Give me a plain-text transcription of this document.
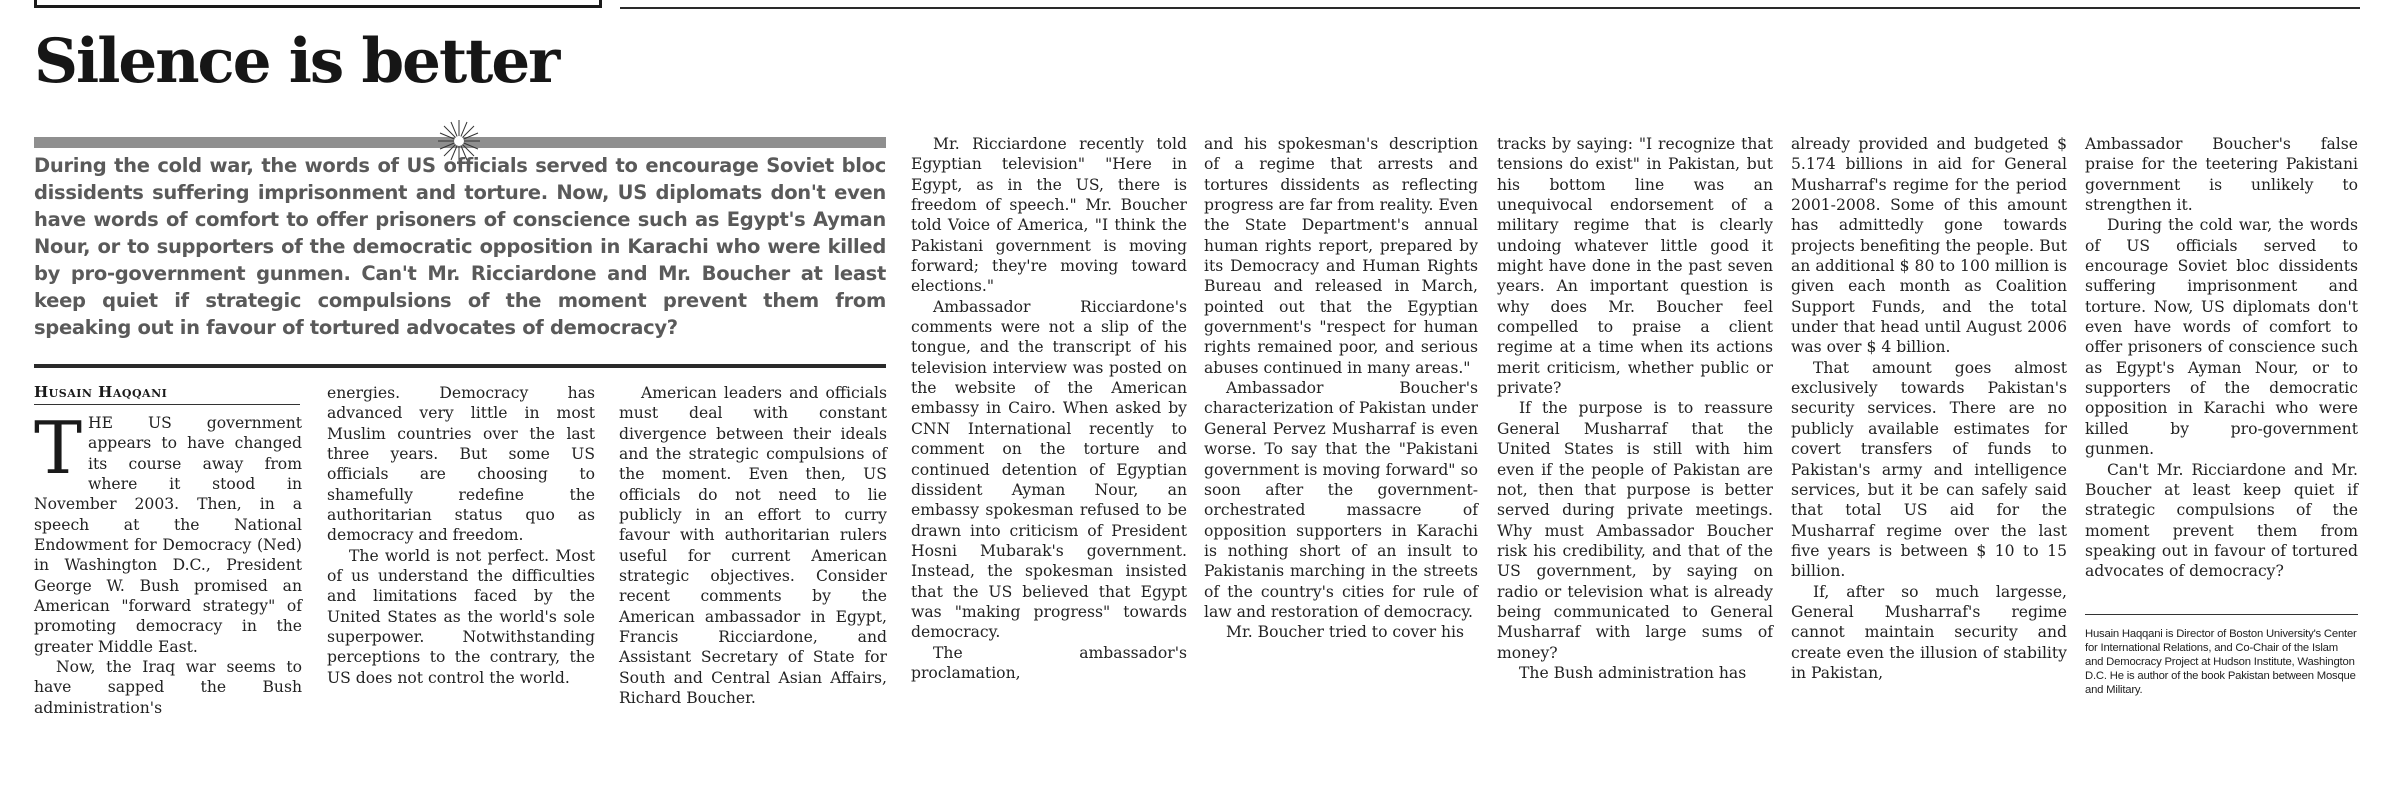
Silence is better

During the cold war, the words of US officials served to encourage Soviet bloc dissidents suffering imprisonment and torture. Now, US diplomats don't even have words of comfort to offer prisoners of conscience such as Egypt's Ayman Nour, or to supporters of the democratic opposition in Karachi who were killed by pro-government gunmen. Can't Mr. Ricciardone and Mr. Boucher at least keep quiet if strategic compulsions of the moment prevent them from speaking out in favour of tortured advocates of democracy?

Husain Haqqani
T HE US government appears to have changed its course away from where it stood in November 2003. Then, in a speech at the National Endowment for Democracy (Ned) in Washington D.C., President George W. Bush promised an American "forward strategy" of promoting democracy in the greater Middle East.

Now, the Iraq war seems to have sapped the Bush administration's

energies. Democracy has advanced very little in most Muslim countries over the last three years. But some US officials are choosing to shamefully redefine the authoritarian status quo as democracy and freedom.

The world is not perfect. Most of us understand the difficulties and limitations faced by the United States as the world's sole superpower. Notwithstanding perceptions to the contrary, the US does not control the world.

American leaders and officials must deal with constant divergence between their ideals and the strategic compulsions of the moment. Even then, US officials do not need to lie publicly in an effort to curry favour with authoritarian rulers useful for current American strategic objectives. Consider recent comments by the American ambassador in Egypt, Francis Ricciardone, and Assistant Secretary of State for South and Central Asian Affairs, Richard Boucher.

Mr. Ricciardone recently told Egyptian television" "Here in Egypt, as in the US, there is freedom of speech." Mr. Boucher told Voice of America, "I think the Pakistani government is moving forward; they're moving toward elections."

Ambassador Ricciardone's comments were not a slip of the tongue, and the transcript of his television interview was posted on the website of the American embassy in Cairo. When asked by CNN International recently to comment on the torture and continued detention of Egyptian dissident Ayman Nour, an embassy spokesman refused to be drawn into criticism of President Hosni Mubarak's government. Instead, the spokesman insisted that the US believed that Egypt was "making progress" towards democracy.

The ambassador's proclamation,

and his spokesman's description of a regime that arrests and tortures dissidents as reflecting progress are far from reality. Even the State Department's annual human rights report, prepared by its Democracy and Human Rights Bureau and released in March, pointed out that the Egyptian government's "respect for human rights remained poor, and serious abuses continued in many areas."

Ambassador Boucher's characterization of Pakistan under General Pervez Musharraf is even worse. To say that the "Pakistani government is moving forward" so soon after the government-orchestrated massacre of opposition supporters in Karachi is nothing short of an insult to Pakistanis marching in the streets of the country's cities for rule of law and restoration of democracy.

Mr. Boucher tried to cover his

tracks by saying: "I recognize that tensions do exist" in Pakistan, but his bottom line was an unequivocal endorsement of a military regime that is clearly undoing whatever little good it might have done in the past seven years. An important question is why does Mr. Boucher feel compelled to praise a client regime at a time when its actions merit criticism, whether public or private?

If the purpose is to reassure General Musharraf that the United States is still with him even if the people of Pakistan are not, then that purpose is better served during private meetings. Why must Ambassador Boucher risk his credibility, and that of the US government, by saying on radio or television what is already being communicated to General Musharraf with large sums of money?

The Bush administration has

already provided and budgeted $ 5.174 billions in aid for General Musharraf's regime for the period 2001-2008. Some of this amount has admittedly gone towards projects benefiting the people. But an additional $ 80 to 100 million is given each month as Coalition Support Funds, and the total under that head until August 2006 was over $ 4 billion.

That amount goes almost exclusively towards Pakistan's security services. There are no publicly available estimates for covert transfers of funds to Pakistan's army and intelligence services, but it be can safely said that total US aid for the Musharraf regime over the last five years is between $ 10 to 15 billion.

If, after so much largesse, General Musharraf's regime cannot maintain security and create even the illusion of stability in Pakistan,

Ambassador Boucher's false praise for the teetering Pakistani government is unlikely to strengthen it.

During the cold war, the words of US officials served to encourage Soviet bloc dissidents suffering imprisonment and torture. Now, US diplomats don't even have words of comfort to offer prisoners of conscience such as Egypt's Ayman Nour, or to supporters of the democratic opposition in Karachi who were killed by pro-government gunmen.

Can't Mr. Ricciardone and Mr. Boucher at least keep quiet if strategic compulsions of the moment prevent them from speaking out in favour of tortured advocates of democracy?

Husain Haqqani is Director of Boston University's Center for International Relations, and Co-Chair of the Islam and Democracy Project at Hudson Institute, Washington D.C. He is author of the book Pakistan between Mosque and Military.
